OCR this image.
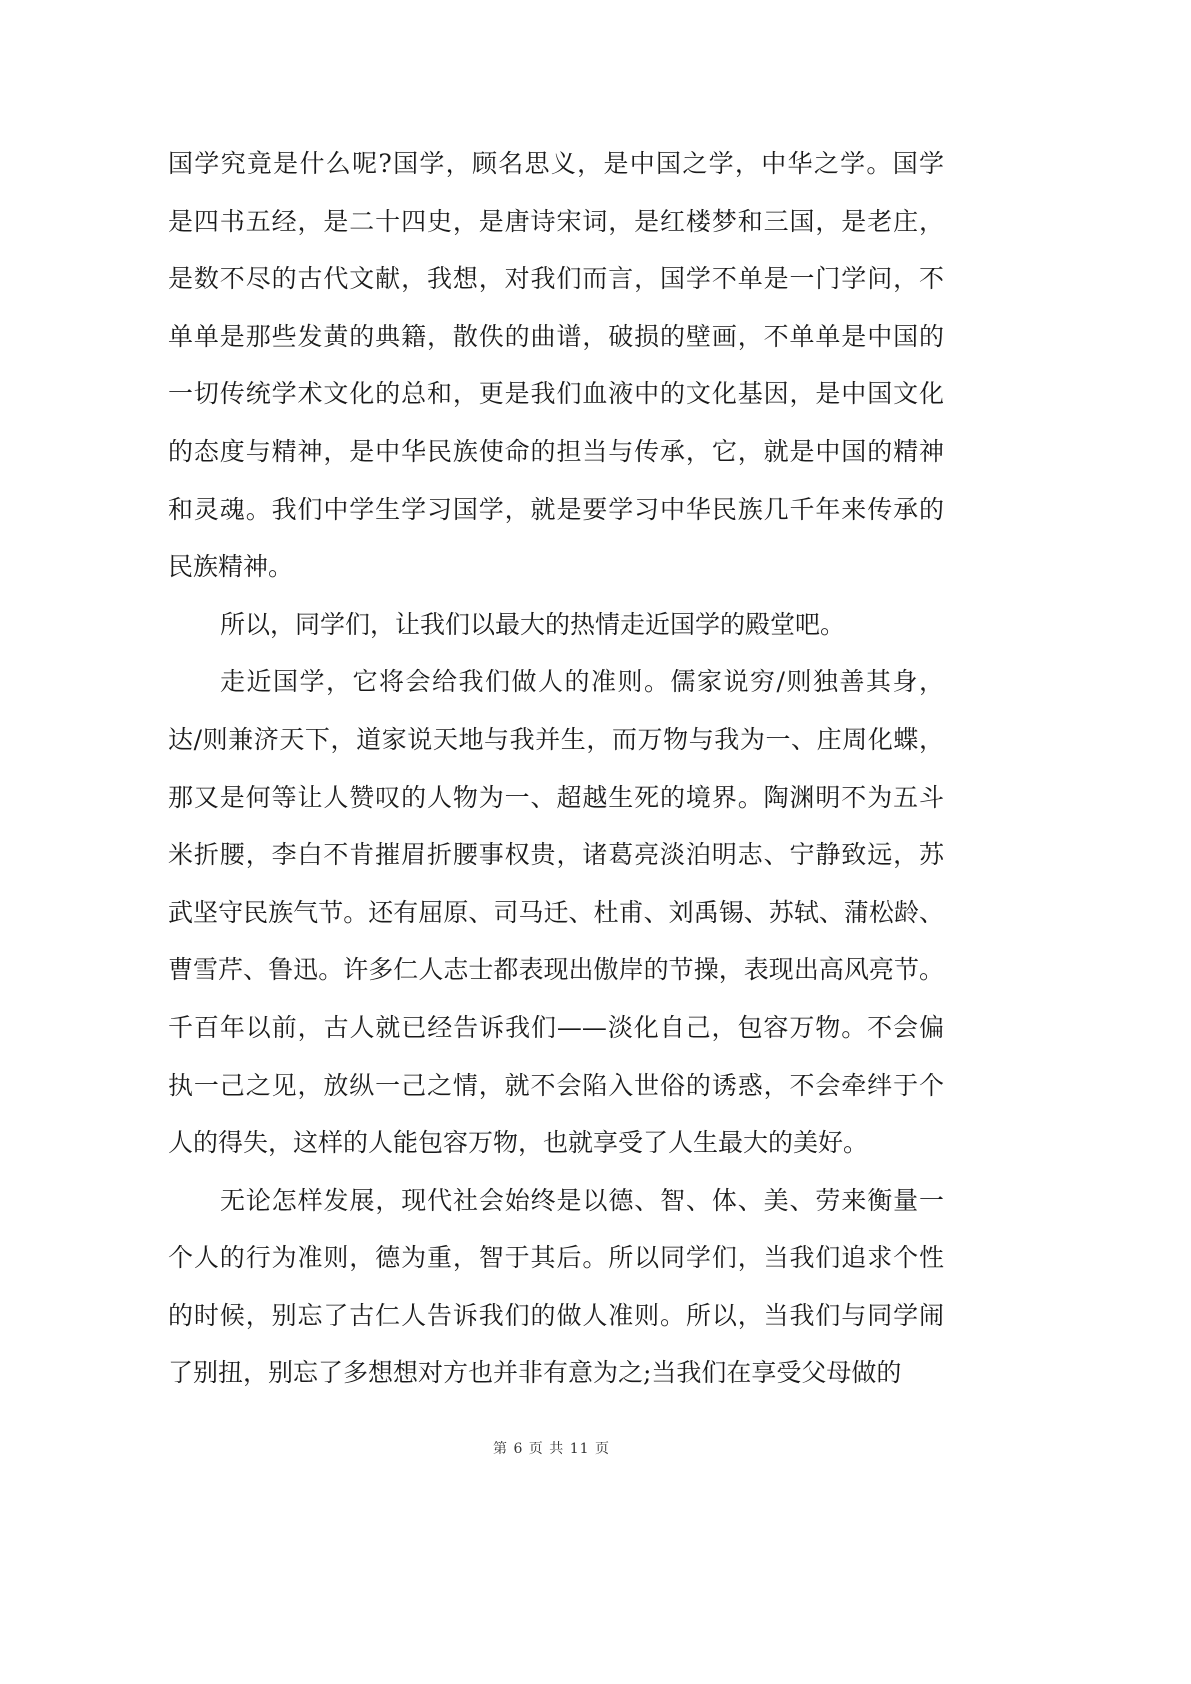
国学究竟是什么呢?国学，顾名思义，是中国之学，中华之学。国学
是四书五经，是二十四史，是唐诗宋词，是红楼梦和三国，是老庄，
是数不尽的古代文献，我想，对我们而言，国学不单是一门学问，不
单单是那些发黄的典籍，散佚的曲谱，破损的壁画，不单单是中国的
一切传统学术文化的总和，更是我们血液中的文化基因，是中国文化
的态度与精神，是中华民族使命的担当与传承，它，就是中国的精神
和灵魂。我们中学生学习国学，就是要学习中华民族几千年来传承的
民族精神。
所以，同学们，让我们以最大的热情走近国学的殿堂吧。
走近国学，它将会给我们做人的准则。儒家说穷/则独善其身，
达/则兼济天下，道家说天地与我并生，而万物与我为一、庄周化蝶，
那又是何等让人赞叹的人物为一、超越生死的境界。陶渊明不为五斗
米折腰，李白不肯摧眉折腰事权贵，诸葛亮淡泊明志、宁静致远，苏
武坚守民族气节。还有屈原、司马迁、杜甫、刘禹锡、苏轼、蒲松龄、
曹雪芹、鲁迅。许多仁人志士都表现出傲岸的节操，表现出高风亮节。
千百年以前，古人就已经告诉我们——淡化自己，包容万物。不会偏
执一己之见，放纵一己之情，就不会陷入世俗的诱惑，不会牵绊于个
人的得失，这样的人能包容万物，也就享受了人生最大的美好。
无论怎样发展，现代社会始终是以德、智、体、美、劳来衡量一
个人的行为准则，德为重，智于其后。所以同学们，当我们追求个性
的时候，别忘了古仁人告诉我们的做人准则。所以，当我们与同学闹
了别扭，别忘了多想想对方也并非有意为之;当我们在享受父母做的
第 6 页 共 11 页
